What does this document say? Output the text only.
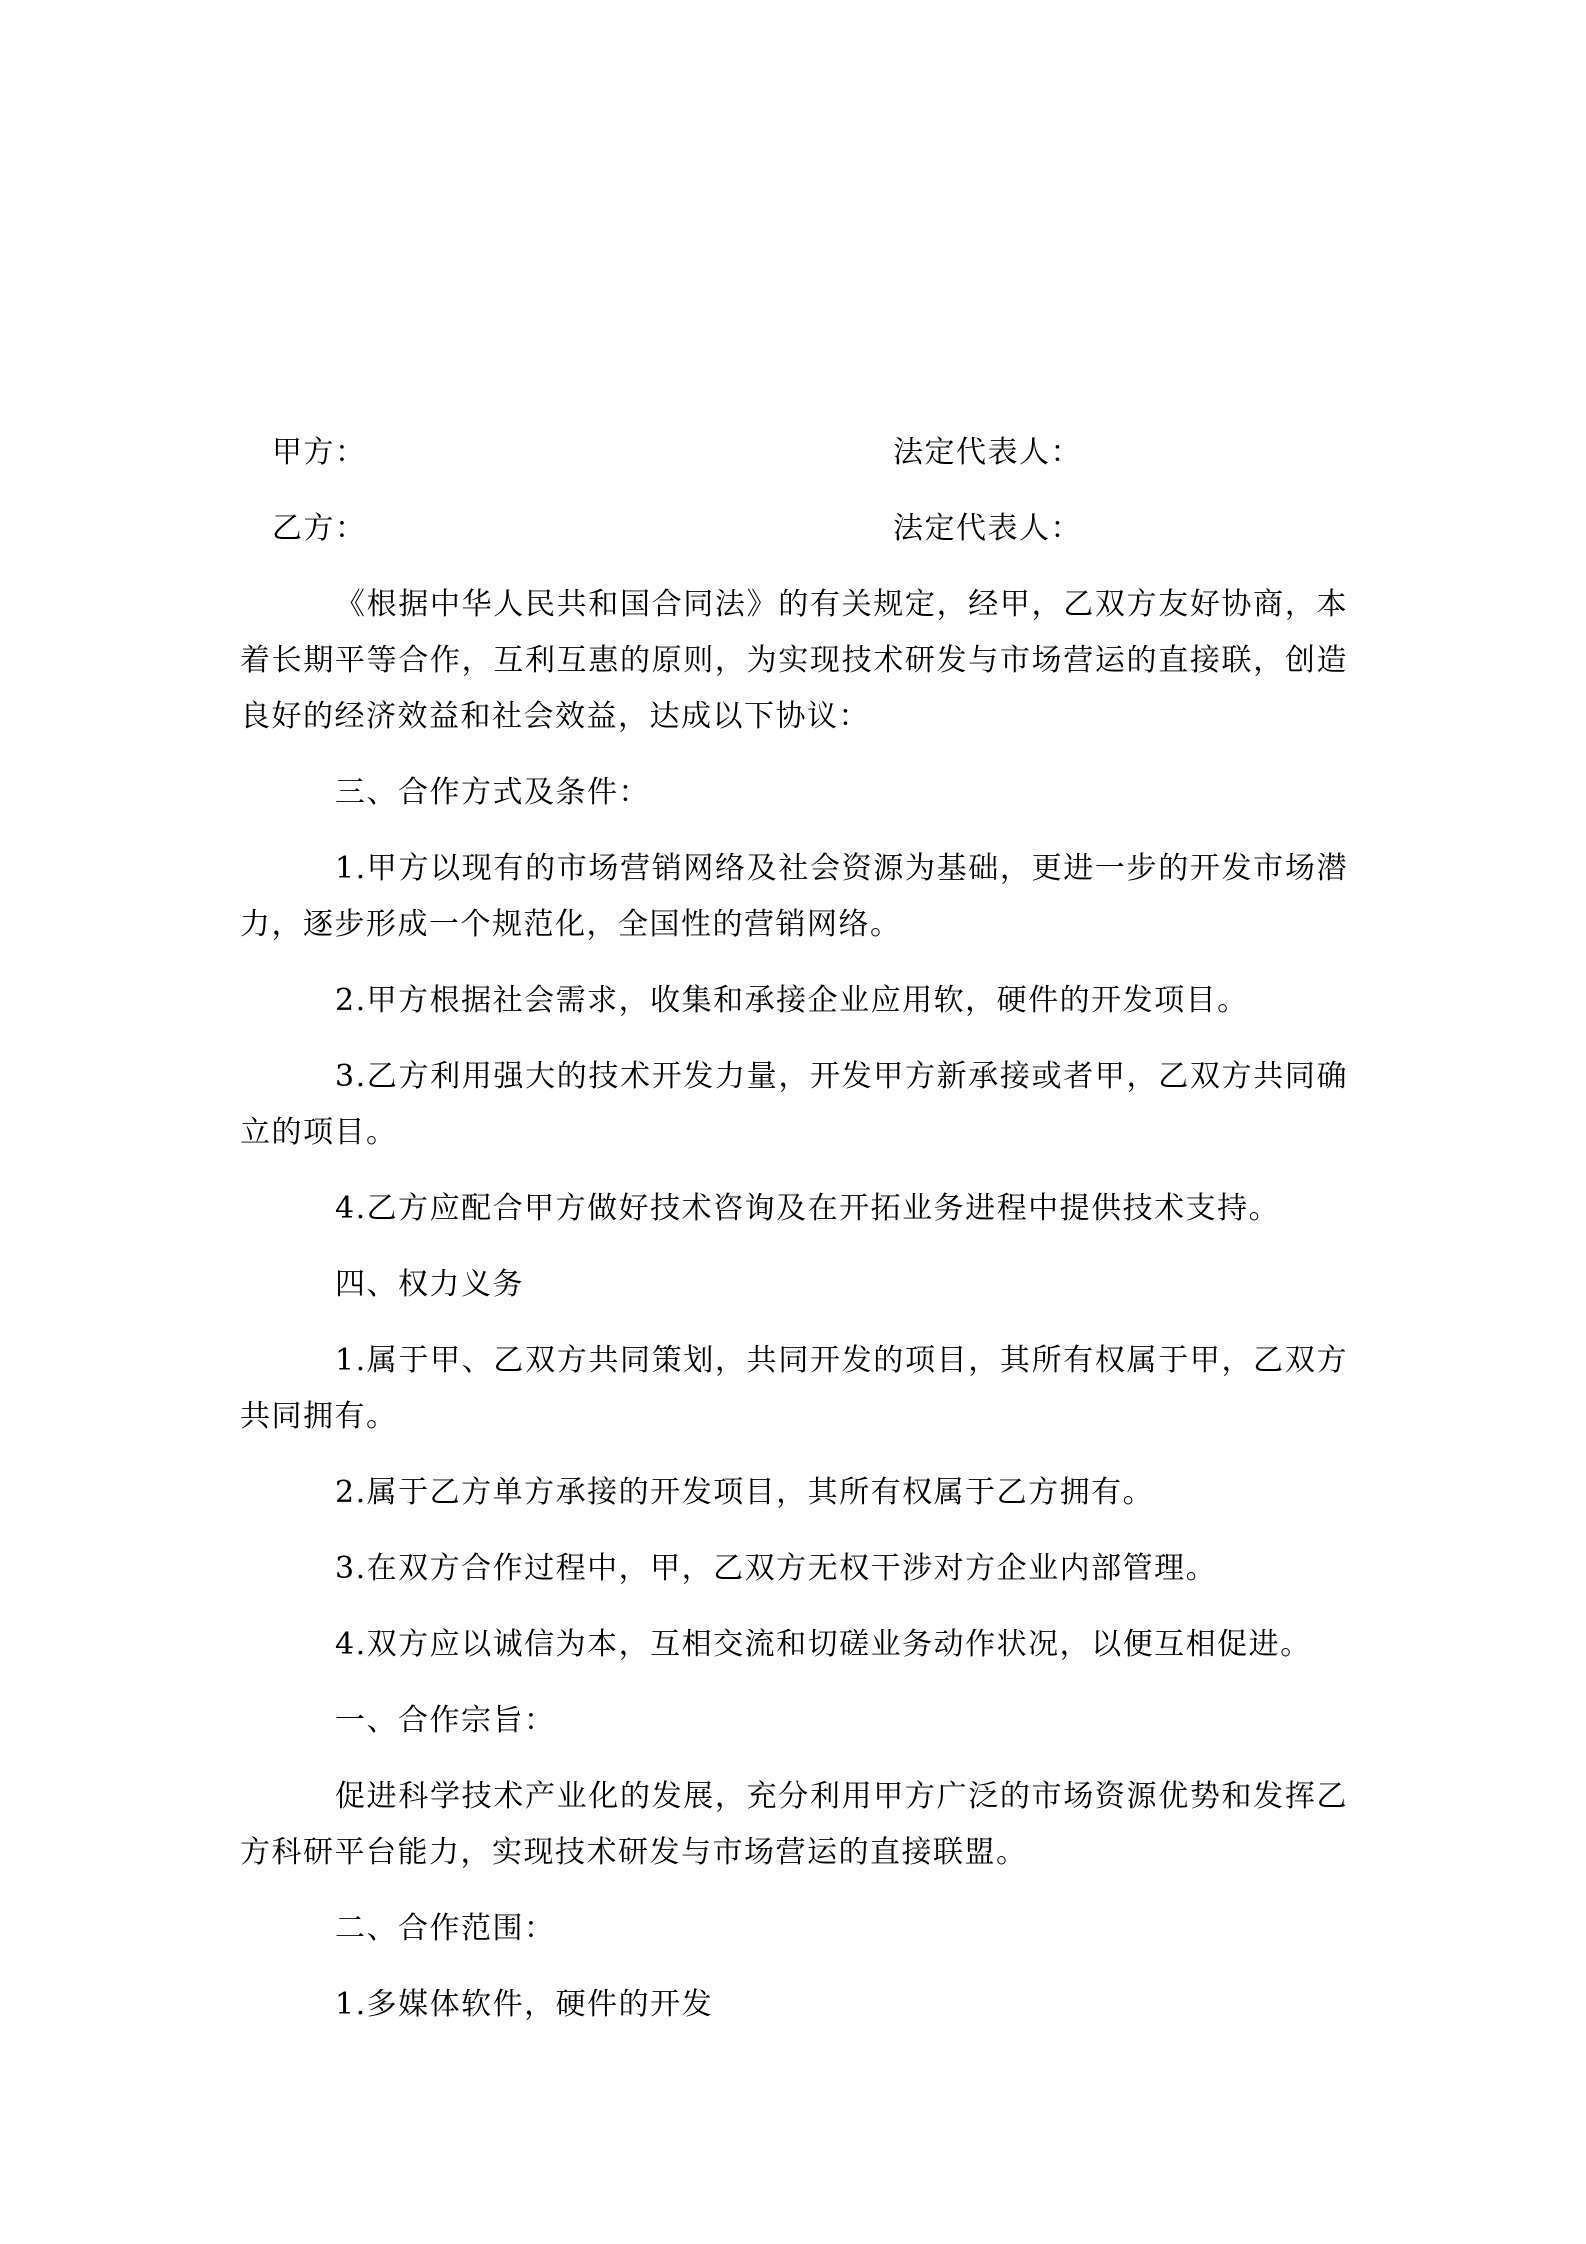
甲方：	法定代表人：
乙方：	法定代表人：

《根据中华人民共和国合同法》的有关规定，经甲，乙双方友好协商，本着长期平等合作，互利互惠的原则，为实现技术研发与市场营运的直接联，创造良好的经济效益和社会效益，达成以下协议：

三、合作方式及条件：

1.甲方以现有的市场营销网络及社会资源为基础，更进一步的开发市场潜力，逐步形成一个规范化，全国性的营销网络。

2.甲方根据社会需求，收集和承接企业应用软，硬件的开发项目。

3.乙方利用强大的技术开发力量，开发甲方新承接或者甲，乙双方共同确立的项目。

4.乙方应配合甲方做好技术咨询及在开拓业务进程中提供技术支持。

四、权力义务

1.属于甲、乙双方共同策划，共同开发的项目，其所有权属于甲，乙双方共同拥有。

2.属于乙方单方承接的开发项目，其所有权属于乙方拥有。

3.在双方合作过程中，甲，乙双方无权干涉对方企业内部管理。

4.双方应以诚信为本，互相交流和切磋业务动作状况，以便互相促进。

一、合作宗旨：

促进科学技术产业化的发展，充分利用甲方广泛的市场资源优势和发挥乙方科研平台能力，实现技术研发与市场营运的直接联盟。

二、合作范围：

1.多媒体软件，硬件的开发
